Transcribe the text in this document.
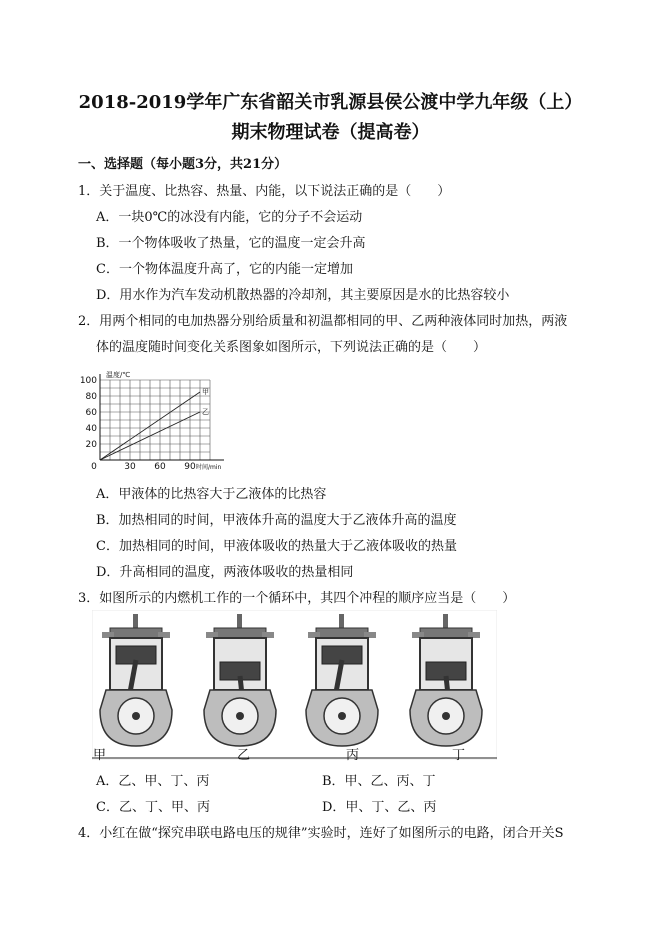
2018-2019学年广东省韶关市乳源县侯公渡中学九年级（上）
期末物理试卷（提高卷）
一、选择题（每小题3分，共21分）
1．关于温度、比热容、热量、内能，以下说法正确的是（　　）
A．一块0℃的冰没有内能，它的分子不会运动
B．一个物体吸收了热量，它的温度一定会升高
C．一个物体温度升高了，它的内能一定增加
D．用水作为汽车发动机散热器的冷却剂，其主要原因是水的比热容较小
2．用两个相同的电加热器分别给质量和初温都相同的甲、乙两种液体同时加热，两液
体的温度随时间变化关系图象如图所示，下列说法正确的是（　　）
甲
乙
20
40
60
80
100
0	30 60 90
温度/℃
时间/min
A．甲液体的比热容大于乙液体的比热容
B．加热相同的时间，甲液体升高的温度大于乙液体升高的温度
C．加热相同的时间，甲液体吸收的热量大于乙液体吸收的热量
D．升高相同的温度，两液体吸收的热量相同
3．如图所示的内燃机工作的一个循环中，其四个冲程的顺序应当是（　　）
甲	乙	丙	丁
A．乙、甲、丁、丙	B．甲、乙、丙、丁
C．乙、丁、甲、丙	D．甲、丁、乙、丙
4．小红在做“探究串联电路电压的规律”实验时，连好了如图所示的电路，闭合开关S
